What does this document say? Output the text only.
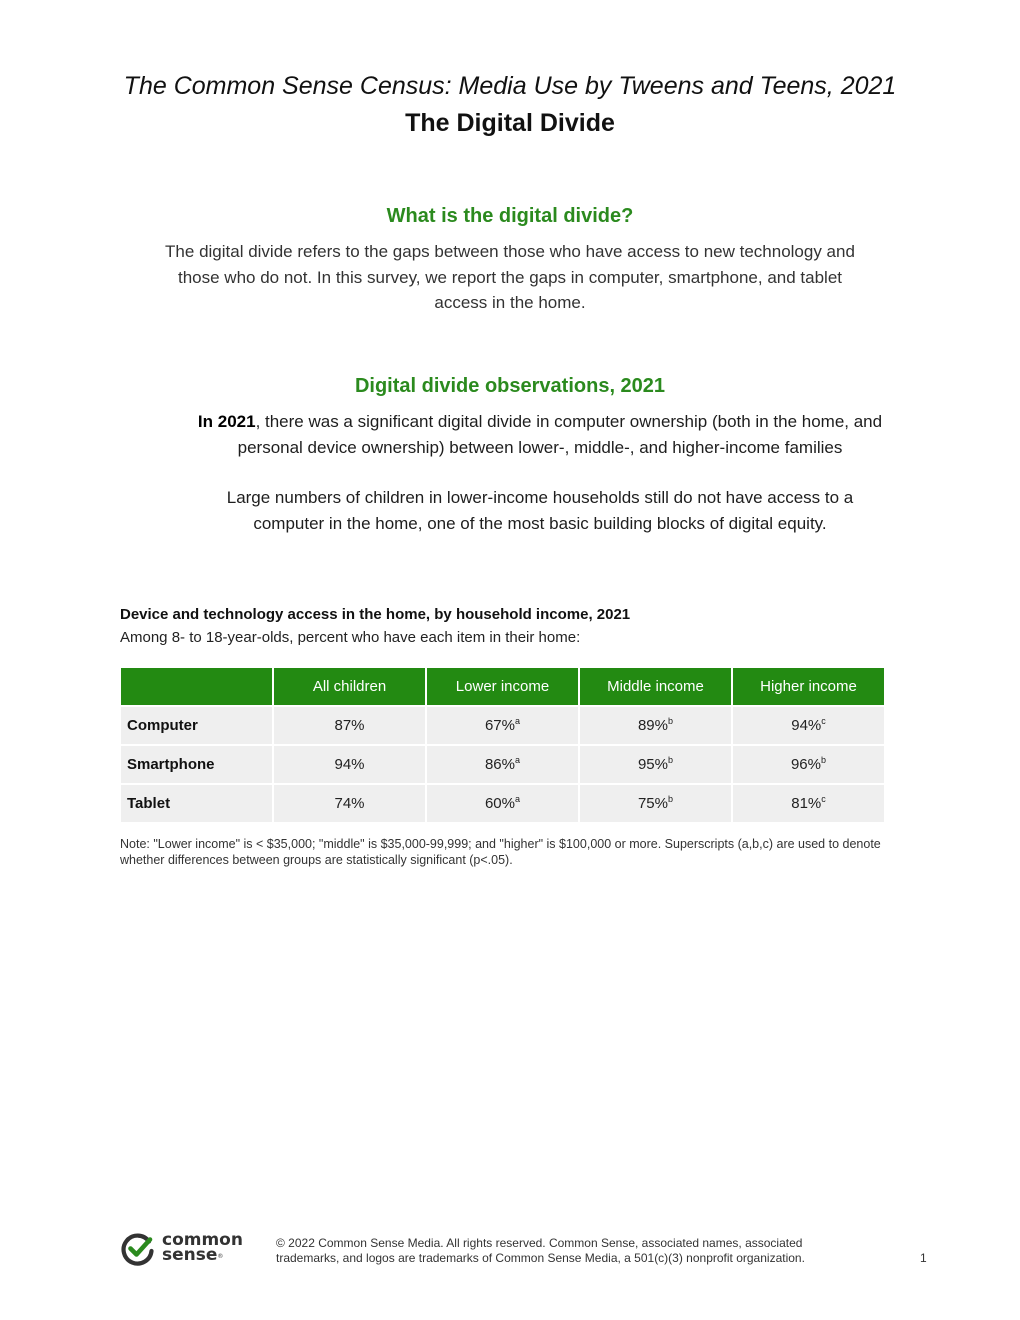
The Common Sense Census: Media Use by Tweens and Teens, 2021
The Digital Divide
What is the digital divide?

The digital divide refers to the gaps between those who have access to new technology and those who do not. In this survey, we report the gaps in computer, smartphone, and tablet access in the home.

Digital divide observations, 2021

In 2021, there was a significant digital divide in computer ownership (both in the home, and personal device ownership) between lower-, middle-, and higher-income families

Large numbers of children in lower-income households still do not have access to a computer in the home, one of the most basic building blocks of digital equity.

Device and technology access in the home, by household income, 2021

Among 8- to 18-year-olds, percent who have each item in their home:

	All children	Lower income	Middle income	Higher income
Computer	87%	67%$^a$	89%$^b$	94%$^c$
Smartphone	94%	86%$^a$	95%$^b$	96%$^b$
Tablet	74%	60%$^a$	75%$^b$	81%$^c$

Note: "Lower income" is < $35,000; "middle" is $35,000-99,999; and "higher" is $100,000 or more. Superscripts (a,b,c) are used to denote whether differences between groups are statistically significant (p<.05).

common
sense®

© 2022 Common Sense Media. All rights reserved. Common Sense, associated names, associated trademarks, and logos are trademarks of Common Sense Media, a 501(c)(3) nonprofit organization.	1
